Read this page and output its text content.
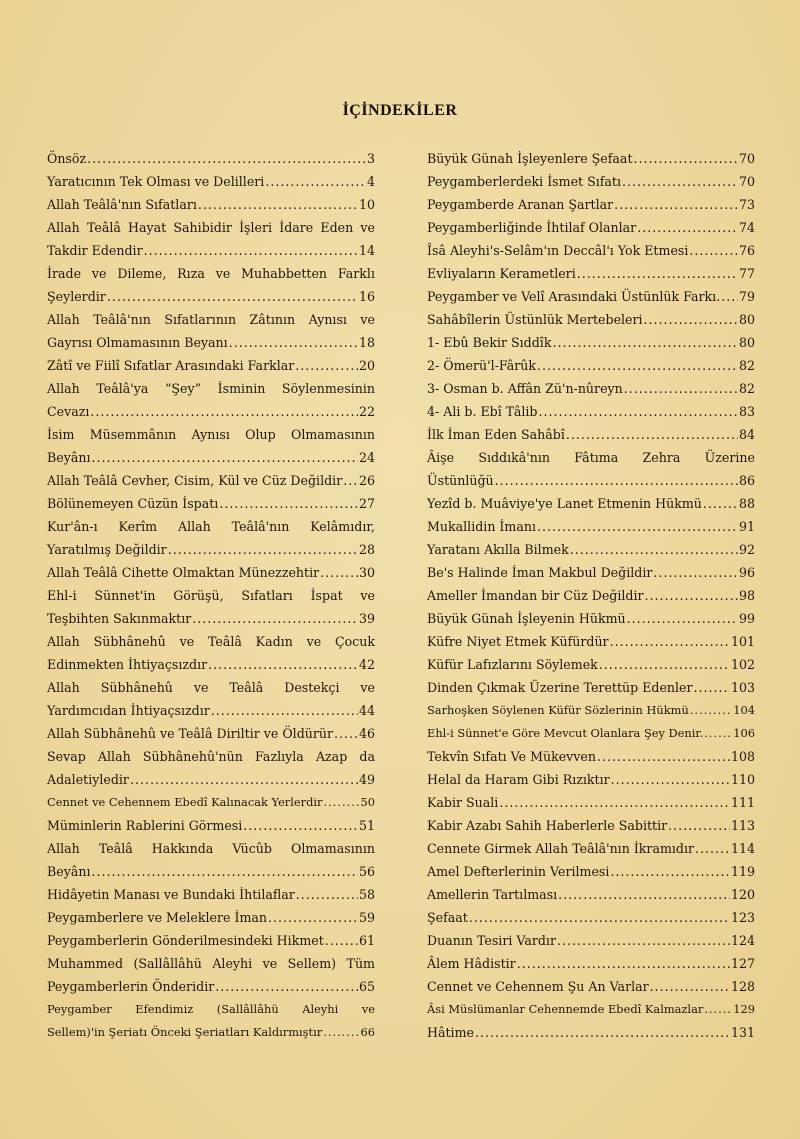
İÇİNDEKİLER
Önsöz .....	3
Yaratıcının Tek Olması ve Delilleri .....	4
Allah Teâlâ'nın Sıfatları .....	10
Allah Teâlâ Hayat Sahibidir İşleri İdare Eden ve
Takdir Edendir .....	14
İrade ve Dileme, Rıza ve Muhabbetten Farklı
Şeylerdir .....	16
Allah Teâlâ'nın Sıfatlarının Zâtının Aynısı ve
Gayrısı Olmamasının Beyanı .....	18
Zâtî ve Fiilî Sıfatlar Arasındaki Farklar .....	20
Allah Teâlâ'ya “Şey” İsminin Söylenmesinin
Cevazı .....	22
İsim Müsemmânın Aynısı Olup Olmamasının
Beyânı .....	24
Allah Teâlâ Cevher, Cisim, Kül ve Cüz Değildir ..... 26
Bölünemeyen Cüzün İspatı .....	27
Kur'ân-ı Kerîm Allah Teâlâ'nın Kelâmıdır,
Yaratılmış Değildir .....	28
Allah Teâlâ Cihette Olmaktan Münezzehtir .....	30
Ehl-i Sünnet'in Görüşü, Sıfatları İspat ve
Teşbihten Sakınmaktır .....	39
Allah Sübhânehû ve Teâlâ Kadın ve Çocuk
Edinmekten İhtiyaçsızdır .....	42
Allah Sübhânehû ve Teâlâ Destekçi ve
Yardımcıdan İhtiyaçsızdır .....	44
Allah Sübhânehû ve Teâlâ Diriltir ve Öldürür ..... 46
Sevap Allah Sübhânehû'nün Fazlıyla Azap da
Adaletiyledir .....	49
Cennet ve Cehennem Ebedî Kalınacak Yerlerdir .....	50
Müminlerin Rablerini Görmesi .....	51
Allah Teâlâ Hakkında Vücûb Olmamasının
Beyânı .....	56
Hidâyetin Manası ve Bundaki İhtilaflar .....	58
Peygamberlere ve Meleklere İman .....	59
Peygamberlerin Gönderilmesindeki Hikmet .....	61
Muhammed (Sallâllâhü Aleyhi ve Sellem) Tüm
Peygamberlerin Önderidir .....	65
Peygamber Efendimiz (Sallâllâhü Aleyhi ve
Sellem)'in Şeriatı Önceki Şeriatları Kaldırmıştır .....	66
Büyük Günah İşleyenlere Şefaat .....	70
Peygamberlerdeki İsmet Sıfatı .....	70
Peygamberde Aranan Şartlar .....	73
Peygamberliğinde İhtilaf Olanlar .....	74
Îsâ Aleyhi's-Selâm'ın Deccâl'ı Yok Etmesi .....	76
Evliyaların Kerametleri .....	77
Peygamber ve Velî Arasındaki Üstünlük Farkı. ..... 79
Sahâbîlerin Üstünlük Mertebeleri .....	80
1- Ebû Bekir Sıddîk .....	80
2- Ömerü'l-Fârûk .....	82
3- Osman b. Affân Zü'n-nûreyn .....	82
4- Ali b. Ebî Tâlib .....	83
İlk İman Eden Sahâbî .....	84
Âişe Sıddıkâ'nın Fâtıma Zehra Üzerine
Üstünlüğü .....	86
Yezîd b. Muâviye'ye Lanet Etmenin Hükmü .....	88
Mukallidin İmanı .....	91
Yaratanı Akılla Bilmek .....	92
Be's Halinde İman Makbul Değildir .....	96
Ameller İmandan bir Cüz Değildir .....	98
Büyük Günah İşleyenin Hükmü .....	99
Küfre Niyet Etmek Küfürdür .....	101
Küfür Lafızlarını Söylemek .....	102
Dinden Çıkmak Üzerine Terettüp Edenler .....	103
Sarhoşken Söylenen Küfür Sözlerinin Hükmü .....	104
Ehl-i Sünnet'e Göre Mevcut Olanlara Şey Denir. .....	106
Tekvîn Sıfatı Ve Mükevven .....	108
Helal da Haram Gibi Rızıktır .....	110
Kabir Suali .....	111
Kabir Azabı Sahih Haberlerle Sabittir .....	113
Cennete Girmek Allah Teâlâ'nın İkramıdır .....	114
Amel Defterlerinin Verilmesi .....	119
Amellerin Tartılması .....	120
Şefaat .....	123
Duanın Tesiri Vardır .....	124
Âlem Hâdistir .....	127
Cennet ve Cehennem Şu An Varlar .....	128
Âsi Müslümanlar Cehennemde Ebedî Kalmazlar .....	129
Hâtime .....	131
